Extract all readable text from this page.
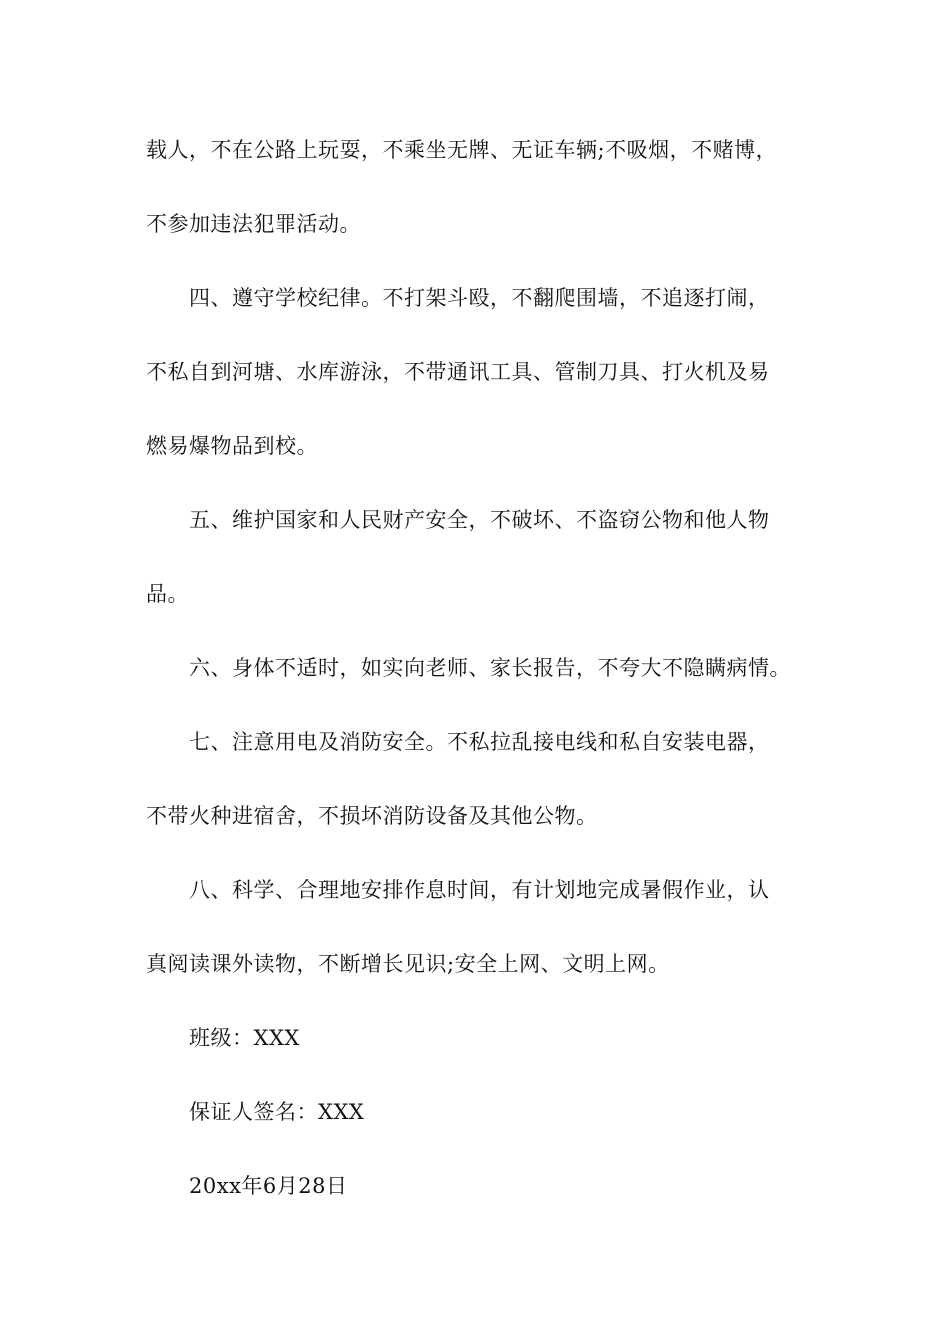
载人，不在公路上玩耍，不乘坐无牌、无证车辆;不吸烟，不赌博，
不参加违法犯罪活动。
四、遵守学校纪律。不打架斗殴，不翻爬围墙，不追逐打闹，
不私自到河塘、水库游泳，不带通讯工具、管制刀具、打火机及易
燃易爆物品到校。
五、维护国家和人民财产安全，不破坏、不盗窃公物和他人物
品。
六、身体不适时，如实向老师、家长报告，不夸大不隐瞒病情。
七、注意用电及消防安全。不私拉乱接电线和私自安装电器，
不带火种进宿舍，不损坏消防设备及其他公物。
八、科学、合理地安排作息时间，有计划地完成暑假作业，认
真阅读课外读物，不断增长见识;安全上网、文明上网。
班级：XXX
保证人签名：XXX
20xx年6月28日
